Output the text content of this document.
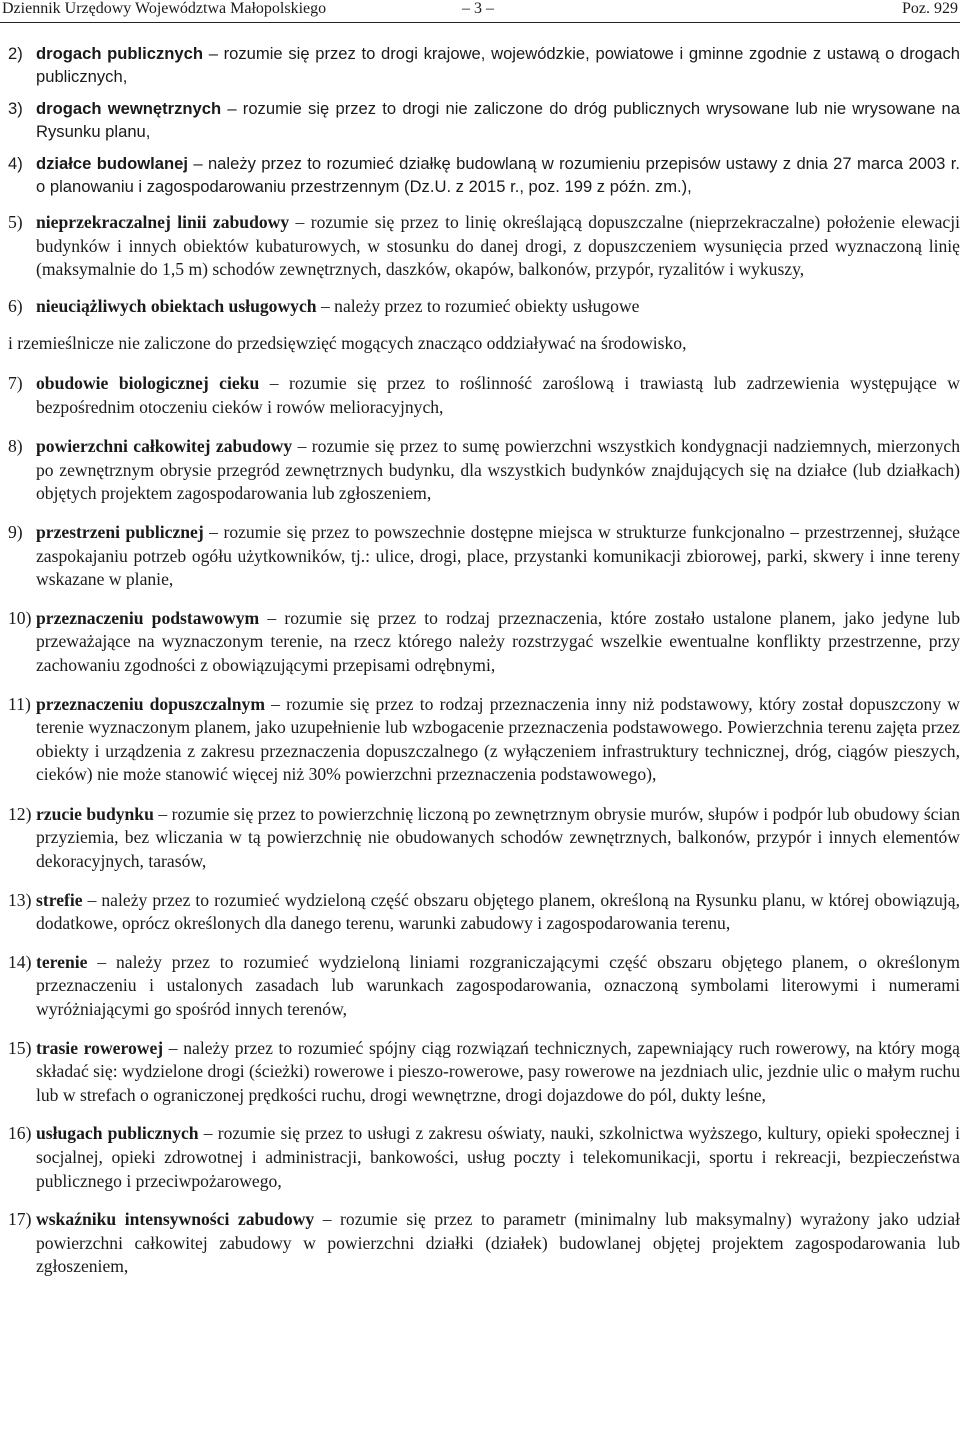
Dziennik Urzędowy Województwa Małopolskiego	– 3 –	Poz. 929
2) drogach publicznych – rozumie się przez to drogi krajowe, wojewódzkie, powiatowe i gminne zgodnie z ustawą o drogach publicznych,
3) drogach wewnętrznych – rozumie się przez to drogi nie zaliczone do dróg publicznych wrysowane lub nie wrysowane na Rysunku planu,
4) działce budowlanej – należy przez to rozumieć działkę budowlaną w rozumieniu przepisów ustawy z dnia 27 marca 2003 r. o planowaniu i zagospodarowaniu przestrzennym (Dz.U. z 2015 r., poz. 199 z późn. zm.),
5) nieprzekraczalnej linii zabudowy – rozumie się przez to linię określającą dopuszczalne (nieprzekraczalne) położenie elewacji budynków i innych obiektów kubaturowych, w stosunku do danej drogi, z dopuszczeniem wysunięcia przed wyznaczoną linię (maksymalnie do 1,5 m) schodów zewnętrznych, daszków, okapów, balkonów, przypór, ryzalitów i wykuszy,
6) nieuciążliwych obiektach usługowych – należy przez to rozumieć obiekty usługowe
i rzemieślnicze nie zaliczone do przedsięwzięć mogących znacząco oddziaływać na środowisko,
7) obudowie biologicznej cieku – rozumie się przez to roślinność zaroślową i trawiastą lub zadrzewienia występujące w bezpośrednim otoczeniu cieków i rowów melioracyjnych,
8) powierzchni całkowitej zabudowy – rozumie się przez to sumę powierzchni wszystkich kondygnacji nadziemnych, mierzonych po zewnętrznym obrysie przegród zewnętrznych budynku, dla wszystkich budynków znajdujących się na działce (lub działkach) objętych projektem zagospodarowania lub zgłoszeniem,
9) przestrzeni publicznej – rozumie się przez to powszechnie dostępne miejsca w strukturze funkcjonalno – przestrzennej, służące zaspokajaniu potrzeb ogółu użytkowników, tj.: ulice, drogi, place, przystanki komunikacji zbiorowej, parki, skwery i inne tereny wskazane w planie,
10) przeznaczeniu podstawowym – rozumie się przez to rodzaj przeznaczenia, które zostało ustalone planem, jako jedyne lub przeważające na wyznaczonym terenie, na rzecz którego należy rozstrzygać wszelkie ewentualne konflikty przestrzenne, przy zachowaniu zgodności z obowiązującymi przepisami odrębnymi,
11) przeznaczeniu dopuszczalnym – rozumie się przez to rodzaj przeznaczenia inny niż podstawowy, który został dopuszczony w terenie wyznaczonym planem, jako uzupełnienie lub wzbogacenie przeznaczenia podstawowego. Powierzchnia terenu zajęta przez obiekty i urządzenia z zakresu przeznaczenia dopuszczalnego (z wyłączeniem infrastruktury technicznej, dróg, ciągów pieszych, cieków) nie może stanowić więcej niż 30% powierzchni przeznaczenia podstawowego),
12) rzucie budynku – rozumie się przez to powierzchnię liczoną po zewnętrznym obrysie murów, słupów i podpór lub obudowy ścian przyziemia, bez wliczania w tą powierzchnię nie obudowanych schodów zewnętrznych, balkonów, przypór i innych elementów dekoracyjnych, tarasów,
13) strefie – należy przez to rozumieć wydzieloną część obszaru objętego planem, określoną na Rysunku planu, w której obowiązują, dodatkowe, oprócz określonych dla danego terenu, warunki zabudowy i zagospodarowania terenu,
14) terenie – należy przez to rozumieć wydzieloną liniami rozgraniczającymi część obszaru objętego planem, o określonym przeznaczeniu i ustalonych zasadach lub warunkach zagospodarowania, oznaczoną symbolami literowymi i numerami wyróżniającymi go spośród innych terenów,
15) trasie rowerowej – należy przez to rozumieć spójny ciąg rozwiązań technicznych, zapewniający ruch rowerowy, na który mogą składać się: wydzielone drogi (ścieżki) rowerowe i pieszo-rowerowe, pasy rowerowe na jezdniach ulic, jezdnie ulic o małym ruchu lub w strefach o ograniczonej prędkości ruchu, drogi wewnętrzne, drogi dojazdowe do pól, dukty leśne,
16) usługach publicznych – rozumie się przez to usługi z zakresu oświaty, nauki, szkolnictwa wyższego, kultury, opieki społecznej i socjalnej, opieki zdrowotnej i administracji, bankowości, usług poczty i telekomunikacji, sportu i rekreacji, bezpieczeństwa publicznego i przeciwpożarowego,
17) wskaźniku intensywności zabudowy – rozumie się przez to parametr (minimalny lub maksymalny) wyrażony jako udział powierzchni całkowitej zabudowy w powierzchni działki (działek) budowlanej objętej projektem zagospodarowania lub zgłoszeniem,
